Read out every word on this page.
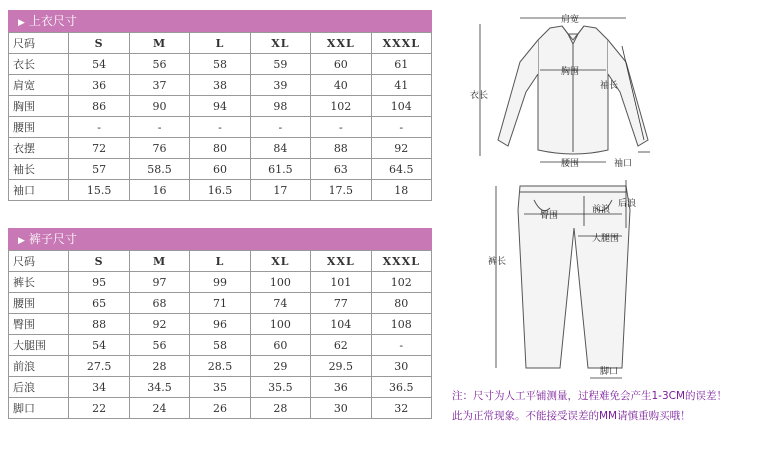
▶ 上衣尺寸
尺码	S	M	L	XL	XXL	XXXL
衣长	54	56	58	59	60	61
肩宽	36	37	38	39	40	41
胸围	86	90	94	98	102	104
腰围	-	-	-	-	-	-
衣摆	72	76	80	84	88	92
袖长	57	58.5	60	61.5	63	64.5
袖口	15.5	16	16.5	17	17.5	18
▶ 裤子尺寸
尺码	S	M	L	XL	XXL	XXXL
裤长	95	97	99	100	101	102
腰围	65	68	71	74	77	80
臀围	88	92	96	100	104	108
大腿围	54	56	58	60	62	-
前浪	27.5	28	28.5	29	29.5	30
后浪	34	34.5	35	35.5	36	36.5
脚口	22	24	26	28	30	32
肩宽
胸围
衣长
袖长
腰围	袖口
臀围
前浪
后浪
大腿围
裤长
脚口
注：尺寸为人工平铺测量，过程难免会产生1-3CM的误差！
此为正常现象。不能接受误差的MM请慎重购买哦！
